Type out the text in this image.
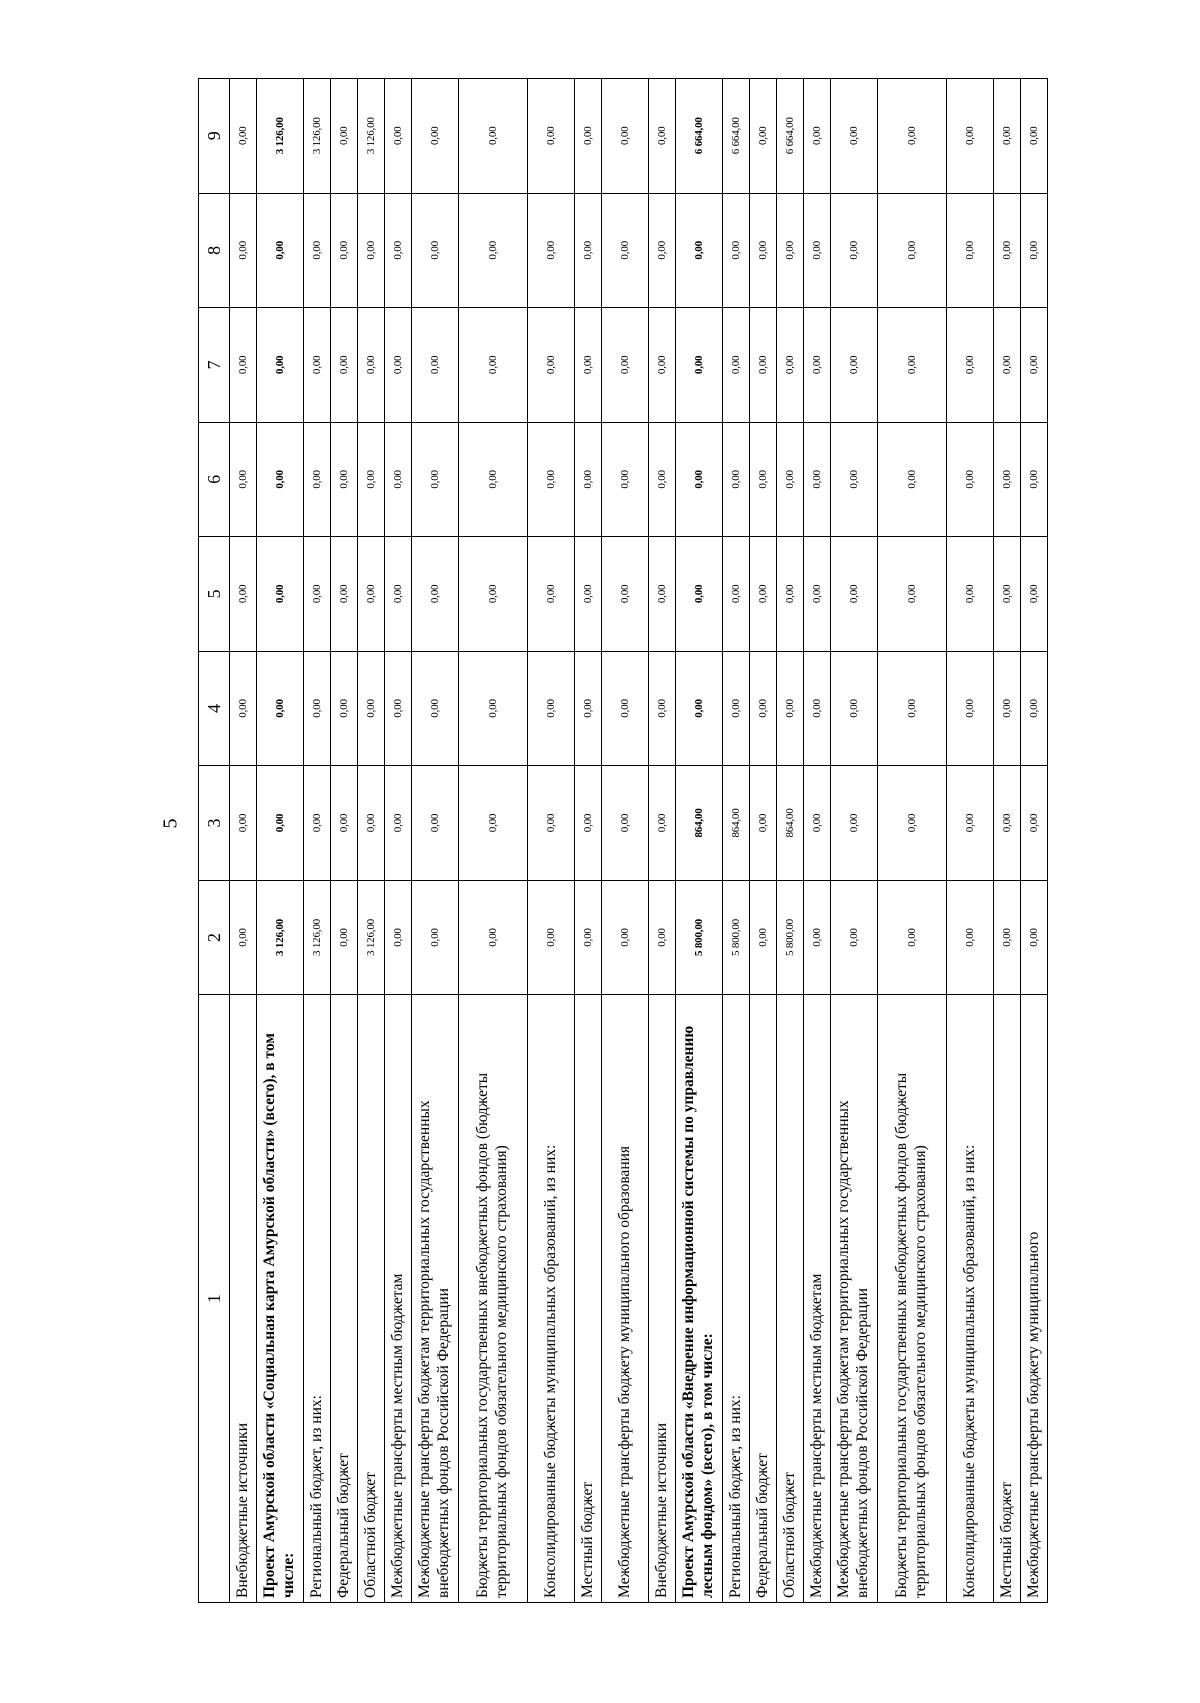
5
1	2	3	4	5	6	7	8	9
Внебюджетные источники	0,00	0,00	0,00	0,00	0,00	0,00	0,00	0,00
Проект Амурской области «Социальная карта Амурской области» (всего), в том числе:	3 126,00	0,00	0,00	0,00	0,00	0,00	0,00	3 126,00
Региональный бюджет, из них:	3 126,00	0,00	0,00	0,00	0,00	0,00	0,00	3 126,00
Федеральный бюджет	0,00	0,00	0,00	0,00	0,00	0,00	0,00	0,00
Областной бюджет	3 126,00	0,00	0,00	0,00	0,00	0,00	0,00	3 126,00
Межбюджетные трансферты местным бюджетам	0,00	0,00	0,00	0,00	0,00	0,00	0,00	0,00
Межбюджетные трансферты бюджетам территориальных государственных внебюджетных фондов Российской Федерации	0,00	0,00	0,00	0,00	0,00	0,00	0,00	0,00
Бюджеты территориальных государственных внебюджетных фондов (бюджеты территориальных фондов обязательного медицинского страхования)	0,00	0,00	0,00	0,00	0,00	0,00	0,00	0,00
Консолидированные бюджеты муниципальных образований, из них:	0,00	0,00	0,00	0,00	0,00	0,00	0,00	0,00
Местный бюджет	0,00	0,00	0,00	0,00	0,00	0,00	0,00	0,00
Межбюджетные трансферты бюджету муниципального образования	0,00	0,00	0,00	0,00	0,00	0,00	0,00	0,00
Внебюджетные источники	0,00	0,00	0,00	0,00	0,00	0,00	0,00	0,00
Проект Амурской области «Внедрение информационной системы по управлению лесным фондом» (всего), в том числе:	5 800,00	864,00	0,00	0,00	0,00	0,00	0,00	6 664,00
Региональный бюджет, из них:	5 800,00	864,00	0,00	0,00	0,00	0,00	0,00	6 664,00
Федеральный бюджет	0,00	0,00	0,00	0,00	0,00	0,00	0,00	0,00
Областной бюджет	5 800,00	864,00	0,00	0,00	0,00	0,00	0,00	6 664,00
Межбюджетные трансферты местным бюджетам	0,00	0,00	0,00	0,00	0,00	0,00	0,00	0,00
Межбюджетные трансферты бюджетам территориальных государственных внебюджетных фондов Российской Федерации	0,00	0,00	0,00	0,00	0,00	0,00	0,00	0,00
Бюджеты территориальных государственных внебюджетных фондов (бюджеты территориальных фондов обязательного медицинского страхования)	0,00	0,00	0,00	0,00	0,00	0,00	0,00	0,00
Консолидированные бюджеты муниципальных образований, из них:	0,00	0,00	0,00	0,00	0,00	0,00	0,00	0,00
Местный бюджет	0,00	0,00	0,00	0,00	0,00	0,00	0,00	0,00
Межбюджетные трансферты бюджету муниципального	0,00	0,00	0,00	0,00	0,00	0,00	0,00	0,00
